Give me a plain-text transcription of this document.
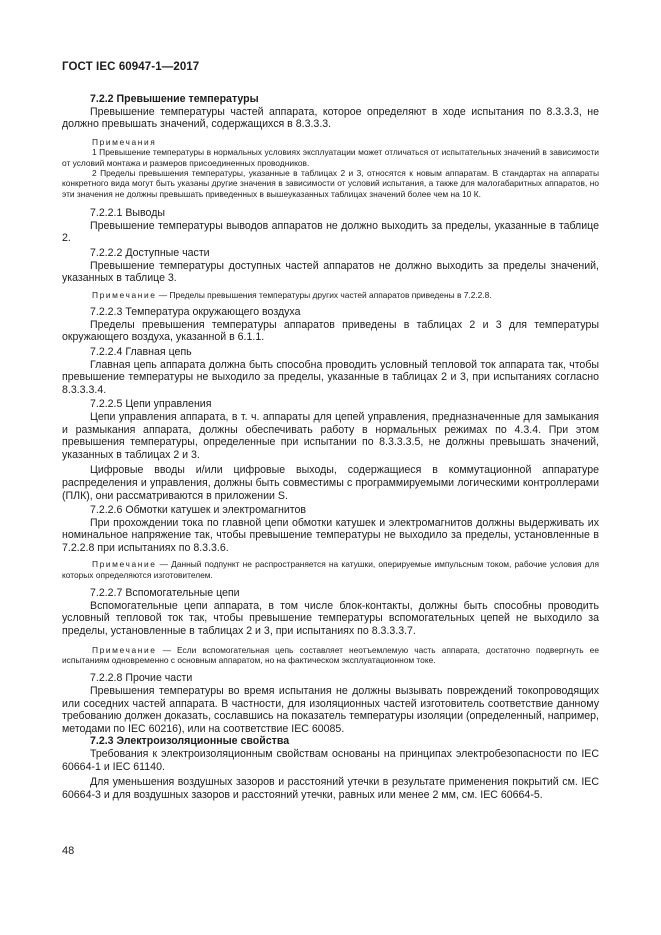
ГОСТ IEC 60947-1—2017

7.2.2 Превышение температуры

Превышение температуры частей аппарата, которое определяют в ходе испытания по 8.3.3.3, не должно превышать значений, содержащихся в 8.3.3.3.

Примечания

1 Превышение температуры в нормальных условиях эксплуатации может отличаться от испытательных значений в зависимости от условий монтажа и размеров присоединенных проводников.

2 Пределы превышения температуры, указанные в таблицах 2 и 3, относятся к новым аппаратам. В стандартах на аппараты конкретного вида могут быть указаны другие значения в зависимости от условий испытания, а также для малогабаритных аппаратов, но эти значения не должны превышать приведенных в вышеуказанных таблицах значений более чем на 10 К.

7.2.2.1 Выводы

Превышение температуры выводов аппаратов не должно выходить за пределы, указанные в таблице 2.

7.2.2.2 Доступные части

Превышение температуры доступных частей аппаратов не должно выходить за пределы значений, указанных в таблице 3.

Примечание — Пределы превышения температуры других частей аппаратов приведены в 7.2.2.8.

7.2.2.3 Температура окружающего воздуха

Пределы превышения температуры аппаратов приведены в таблицах 2 и 3 для температуры окружающего воздуха, указанной в 6.1.1.

7.2.2.4 Главная цепь

Главная цепь аппарата должна быть способна проводить условный тепловой ток аппарата так, чтобы превышение температуры не выходило за пределы, указанные в таблицах 2 и 3, при испытаниях согласно 8.3.3.3.4.

7.2.2.5 Цепи управления

Цепи управления аппарата, в т. ч. аппараты для цепей управления, предназначенные для замыкания и размыкания аппарата, должны обеспечивать работу в нормальных режимах по 4.3.4. При этом превышения температуры, определенные при испытании по 8.3.3.3.5, не должны превышать значений, указанных в таблицах 2 и 3.

Цифровые вводы и/или цифровые выходы, содержащиеся в коммутационной аппаратуре распределения и управления, должны быть совместимы с программируемыми логическими контроллерами (ПЛК), они рассматриваются в приложении S.

7.2.2.6 Обмотки катушек и электромагнитов

При прохождении тока по главной цепи обмотки катушек и электромагнитов должны выдерживать их номинальное напряжение так, чтобы превышение температуры не выходило за пределы, установленные в 7.2.2.8 при испытаниях по 8.3.3.6.

Примечание — Данный подпункт не распространяется на катушки, оперируемые импульсным током, рабочие условия для которых определяются изготовителем.

7.2.2.7 Вспомогательные цепи

Вспомогательные цепи аппарата, в том числе блок-контакты, должны быть способны проводить условный тепловой ток так, чтобы превышение температуры вспомогательных цепей не выходило за пределы, установленные в таблицах 2 и 3, при испытаниях по 8.3.3.3.7.

Примечание — Если вспомогательная цепь составляет неотъемлемую часть аппарата, достаточно подвергнуть ее испытаниям одновременно с основным аппаратом, но на фактическом эксплуатационном токе.

7.2.2.8 Прочие части

Превышения температуры во время испытания не должны вызывать повреждений токопроводящих или соседних частей аппарата. В частности, для изоляционных частей изготовитель соответствие данному требованию должен доказать, сославшись на показатель температуры изоляции (определенный, например, методами по IEC 60216), или на соответствие IEC 60085.

7.2.3 Электроизоляционные свойства

Требования к электроизоляционным свойствам основаны на принципах электробезопасности по IEC 60664-1 и IEC 61140.

Для уменьшения воздушных зазоров и расстояний утечки в результате применения покрытий см. IEC 60664-3 и для воздушных зазоров и расстояний утечки, равных или менее 2 мм, см. IEC 60664-5.

48
